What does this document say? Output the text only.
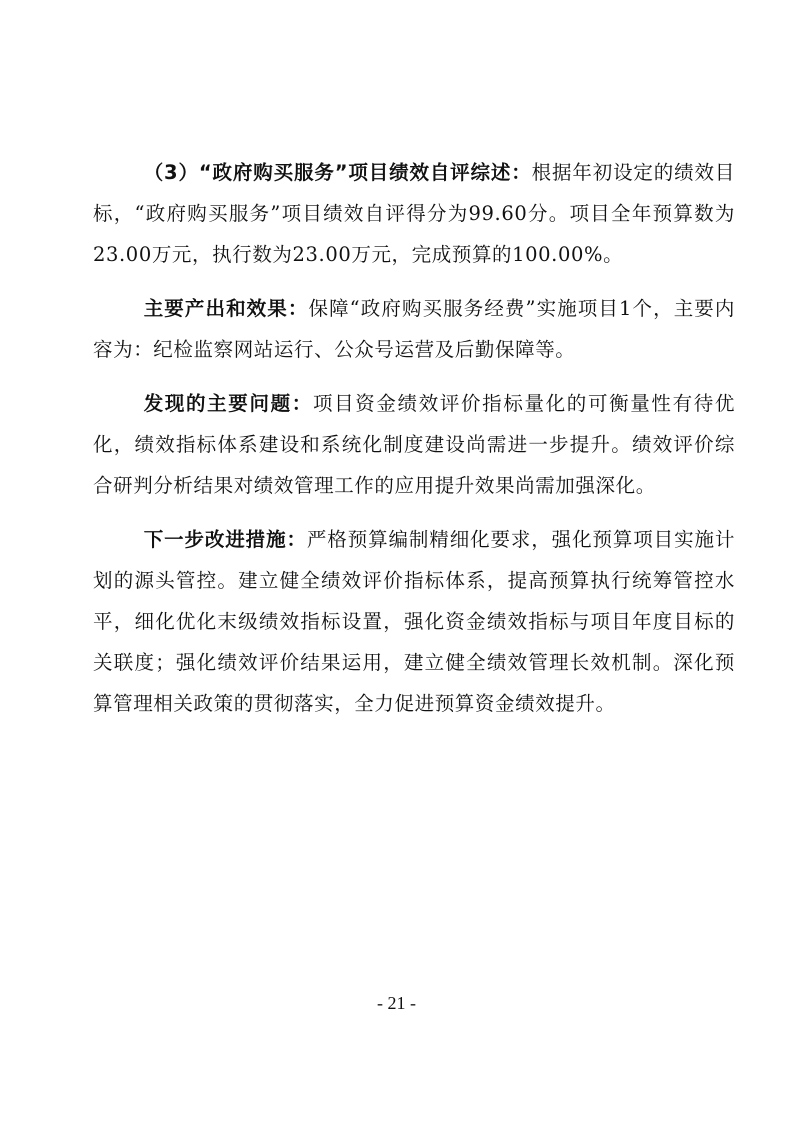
（3）“政府购买服务”项目绩效自评综述：根据年初设定的绩效目标，“政府购买服务”项目绩效自评得分为99.60分。项目全年预算数为23.00万元，执行数为23.00万元，完成预算的100.00%。

主要产出和效果：保障“政府购买服务经费”实施项目1个，主要内容为：纪检监察网站运行、公众号运营及后勤保障等。

发现的主要问题：项目资金绩效评价指标量化的可衡量性有待优化，绩效指标体系建设和系统化制度建设尚需进一步提升。绩效评价综合研判分析结果对绩效管理工作的应用提升效果尚需加强深化。

下一步改进措施：严格预算编制精细化要求，强化预算项目实施计划的源头管控。建立健全绩效评价指标体系，提高预算执行统筹管控水平，细化优化末级绩效指标设置，强化资金绩效指标与项目年度目标的关联度；强化绩效评价结果运用，建立健全绩效管理长效机制。深化预算管理相关政策的贯彻落实，全力促进预算资金绩效提升。

- 21 -
